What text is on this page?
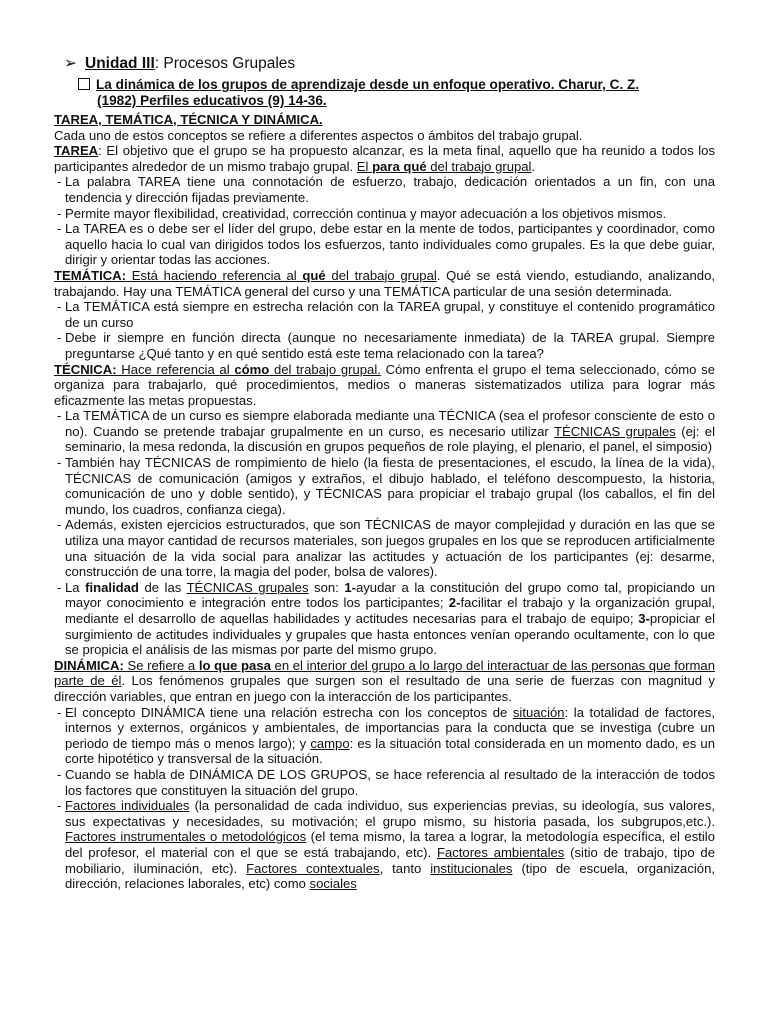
➢ Unidad III: Procesos Grupales
La dinámica de los grupos de aprendizaje desde un enfoque operativo. Charur, C. Z.
(1982) Perfiles educativos (9) 14-36.

TAREA, TEMÁTICA, TÉCNICA Y DINÁMICA.

Cada uno de estos conceptos se refiere a diferentes aspectos o ámbitos del trabajo grupal.

TAREA: El objetivo que el grupo se ha propuesto alcanzar, es la meta final, aquello que ha reunido a todos los participantes alrededor de un mismo trabajo grupal. El para qué del trabajo grupal.

- La palabra TAREA tiene una connotación de esfuerzo, trabajo, dedicación orientados a un fin, con una tendencia y dirección fijadas previamente.

- Permite mayor flexibilidad, creatividad, corrección continua y mayor adecuación a los objetivos mismos.

- La TAREA es o debe ser el líder del grupo, debe estar en la mente de todos, participantes y coordinador, como aquello hacia lo cual van dirigidos todos los esfuerzos, tanto individuales como grupales. Es la que debe guiar, dirigir y orientar todas las acciones.

TEMÁTICA: Está haciendo referencia al qué del trabajo grupal. Qué se está viendo, estudiando, analizando, trabajando. Hay una TEMÁTICA general del curso y una TEMÁTICA particular de una sesión determinada.

- La TEMÁTICA está siempre en estrecha relación con la TAREA grupal, y constituye el contenido programático de un curso

- Debe ir siempre en función directa (aunque no necesariamente inmediata) de la TAREA grupal. Siempre preguntarse ¿Qué tanto y en qué sentido está este tema relacionado con la tarea?

TÉCNICA: Hace referencia al cómo del trabajo grupal. Cómo enfrenta el grupo el tema seleccionado, cómo se organiza para trabajarlo, qué procedimientos, medios o maneras sistematizados utiliza para lograr más eficazmente las metas propuestas.

- La TEMÁTICA de un curso es siempre elaborada mediante una TÉCNICA (sea el profesor consciente de esto o no). Cuando se pretende trabajar grupalmente en un curso, es necesario utilizar TÉCNICAS grupales (ej: el seminario, la mesa redonda, la discusión en grupos pequeños de role playing, el plenario, el panel, el simposio)

- También hay TÉCNICAS de rompimiento de hielo (la fiesta de presentaciones, el escudo, la línea de la vida), TÉCNICAS de comunicación (amigos y extraños, el dibujo hablado, el teléfono descompuesto, la historia, comunicación de uno y doble sentido), y TÉCNICAS para propiciar el trabajo grupal (los caballos, el fin del mundo, los cuadros, confianza ciega).

- Además, existen ejercicios estructurados, que son TÉCNICAS de mayor complejidad y duración en las que se utiliza una mayor cantidad de recursos materiales, son juegos grupales en los que se reproducen artificialmente una situación de la vida social para analizar las actitudes y actuación de los participantes (ej: desarme, construcción de una torre, la magia del poder, bolsa de valores).

- La finalidad de las TÉCNICAS grupales son: 1-ayudar a la constitución del grupo como tal, propiciando un mayor conocimiento e integración entre todos los participantes; 2-facilitar el trabajo y la organización grupal, mediante el desarrollo de aquellas habilidades y actitudes necesarias para el trabajo de equipo; 3-propiciar el surgimiento de actitudes individuales y grupales que hasta entonces venían operando ocultamente, con lo que se propicia el análisis de las mismas por parte del mismo grupo.

DINÁMICA: Se refiere a lo que pasa en el interior del grupo a lo largo del interactuar de las personas que forman parte de él. Los fenómenos grupales que surgen son el resultado de una serie de fuerzas con magnitud y dirección variables, que entran en juego con la interacción de los participantes.

- El concepto DINÁMICA tiene una relación estrecha con los conceptos de situación: la totalidad de factores, internos y externos, orgánicos y ambientales, de importancias para la conducta que se investiga (cubre un periodo de tiempo más o menos largo); y campo: es la situación total considerada en un momento dado, es un corte hipotético y transversal de la situación.

- Cuando se habla de DINÁMICA DE LOS GRUPOS, se hace referencia al resultado de la interacción de todos los factores que constituyen la situación del grupo.

- Factores individuales (la personalidad de cada individuo, sus experiencias previas, su ideología, sus valores, sus expectativas y necesidades, su motivación; el grupo mismo, su historia pasada, los subgrupos,etc.). Factores instrumentales o metodológicos (el tema mismo, la tarea a lograr, la metodología específica, el estilo del profesor, el material con el que se está trabajando, etc). Factores ambientales (sitio de trabajo, tipo de mobiliario, iluminación, etc). Factores contextuales, tanto institucionales (tipo de escuela, organización, dirección, relaciones laborales, etc) como sociales
